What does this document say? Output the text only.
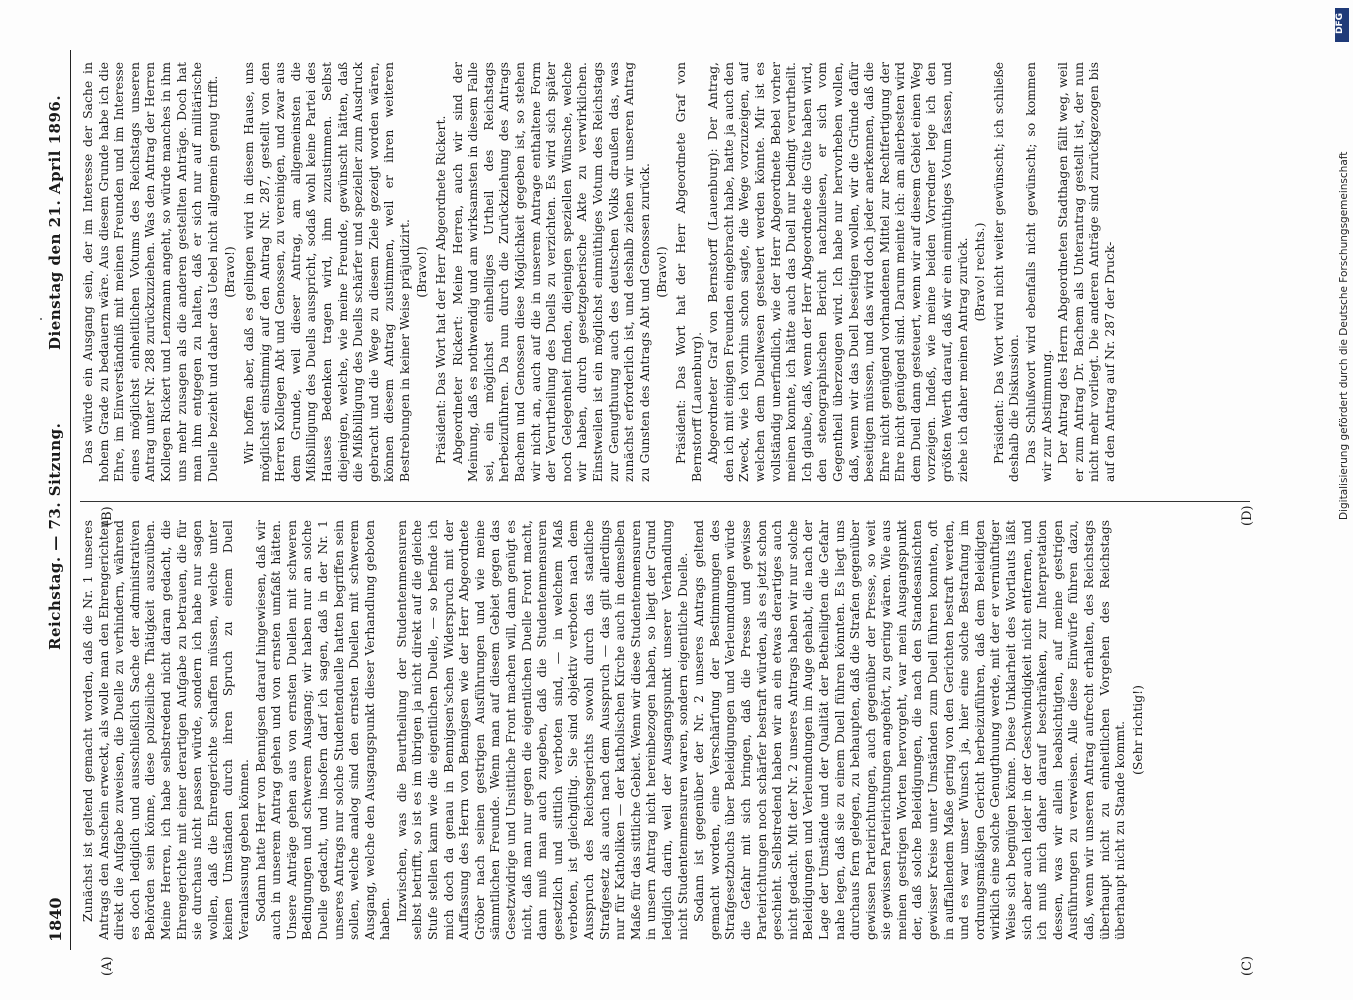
1840
Reichstag. — 73. Sitzung.
Dienstag den 21. April 1896.

Zunächst ist geltend gemacht worden, daß die Nr. 1 unseres Antrags den Anschein erweckt, als wolle man den Ehrengerichten direkt die Aufgabe zuweisen, die Duelle zu verhindern, während es doch lediglich und ausschließlich Sache der administrativen Behörden sein könne, diese polizeiliche Thätigkeit auszuüben. Meine Herren, ich habe selbstredend nicht daran gedacht, die Ehrengerichte mit einer derartigen Aufgabe zu betrauen, die für sie durchaus nicht passen würde, sondern ich habe nur sagen wollen, daß die Ehrengerichte schaffen müssen, welche unter keinen Umständen durch ihren Spruch zu einem Duell Veranlassung geben können. Sodann hatte Herr von Bennigsen darauf hingewiesen, daß wir auch in unserem Antrag gehen und von ernsten umfaßt hätten. Unsere Anträge gehen aus von ernsten Duellen mit schweren Bedingungen und schwerem Ausgang; wir haben nur an solche Duelle gedacht, und insofern darf ich sagen, daß in der Nr. 1 unseres Antrags nur solche Studentenduelle hatten begriffen sein sollen, welche analog sind den ernsten Duellen mit schwerem Ausgang, welche den Ausgangspunkt dieser Verhandlung geboten haben. Inzwischen, was die Beurtheilung der Studentenmensuren selbst betrifft, so ist es im übrigen ja nicht direkt auf die gleiche Stufe stellen kann wie die eigentlichen Duelle, — so befinde ich mich doch da genau in Bennigsen'schen Widerspruch mit der Auffassung des Herrn von Bennigsen wie der Herr Abgeordnete Gröber nach seinen gestrigen Ausführungen und wie meine sämmtlichen Freunde. Wenn man auf diesem Gebiet gegen das Gesetzwidrige und Unsittliche Front machen will, dann genügt es nicht, daß man nur gegen die eigentlichen Duelle Front macht, dann muß man auch zugeben, daß die Studentenmensuren gesetzlich und sittlich verboten sind, — in welchem Maß verboten, ist gleichgiltig. Sie sind objektiv verboten nach dem Ausspruch des Reichsgerichts sowohl durch das staatliche Strafgesetz als auch nach dem Ausspruch — das gilt allerdings nur für Katholiken — der katholischen Kirche auch in demselben Maße für das sittliche Gebiet. Wenn wir diese Studentenmensuren in unsern Antrag nicht hereinbezogen haben, so liegt der Grund lediglich darin, weil der Ausgangspunkt unserer Verhandlung nicht Studentenmensuren waren, sondern eigentliche Duelle. Sodann ist gegenüber der Nr. 2 unseres Antrags geltend gemacht worden, eine Verschärfung der Bestimmungen des Strafgesetzbuchs über Beleidigungen und Verleumdungen würde die Gefahr mit sich bringen, daß die Presse und gewisse Parteirichtungen noch schärfer bestraft würden, als es jetzt schon geschieht. Selbstredend haben wir an ein etwas derartiges auch nicht gedacht. Mit der Nr. 2 unseres Antrags haben wir nur solche Beleidigungen und Verleumdungen im Auge gehabt, die nach der Lage der Umstände und der Qualität der Betheiligten die Gefahr nahe legen, daß sie zu einem Duell führen könnten. Es liegt uns durchaus fern gelegen, zu behaupten, daß die Strafen gegenüber gewissen Parteirichtungen, auch gegenüber der Presse, so weit sie gewissen Parteirichtungen angehört, zu gering wären. Wie aus meinen gestrigen Worten hervorgeht, war mein Ausgangspunkt der, daß solche Beleidigungen, die nach den Standesansichten gewisser Kreise unter Umständen zum Duell führen konnten, oft in auffallendem Maße gering von den Gerichten bestraft werden, und es war unser Wunsch ja, hier eine solche Bestrafung im ordnungsmäßigen Gericht herbeizuführen, daß dem Beleidigten wirklich eine solche Genugthuung werde, mit der er vernünftiger Weise sich begnügen könne. Diese Unklarheit des Wortlauts läßt sich aber auch leider in der Geschwindigkeit nicht entfernen, und ich muß mich daher darauf beschränken, zur Interpretation dessen, was wir allein beabsichtigten, auf meine gestrigen Ausführungen zu verweisen. Alle diese Einwürfe führen dazu, daß, wenn wir unseren Antrag aufrecht erhalten, des Reichstags überhaupt nicht zu einheitlichen Vorgehen des Reichstags überhaupt nicht zu Stande kommt. (Sehr richtig!)

Das würde ein Ausgang sein, der im Interesse der Sache in hohem Grade zu bedauern wäre. Aus diesem Grunde habe ich die Ehre, im Einverständniß mit meinen Freunden und im Interesse eines möglichst einheitlichen Votums des Reichstags unseren Antrag unter Nr. 288 zurückzuziehen. Was den Antrag der Herren Kollegen Rickert und Lenzmann angeht, so würde manches in ihm uns mehr zusagen als die anderen gestellten Anträge. Doch hat man ihm entgegen zu halten, daß er sich nur auf militärische Duelle bezieht und daher das Uebel nicht allgemein genug trifft. (Bravo!) Wir hoffen aber, daß es gelingen wird in diesem Hause, uns möglichst einstimmig auf den Antrag Nr. 287, gestellt von den Herren Kollegen Abt und Genossen, zu vereinigen, und zwar aus dem Grunde, weil dieser Antrag, am allgemeinsten die Mißbilligung des Duells ausspricht, sodaß wohl keine Partei des Hauses Bedenken tragen wird, ihm zuzustimmen. Selbst diejenigen, welche, wie meine Freunde, gewünscht hätten, daß die Mißbilligung des Duells schärfer und spezieller zum Ausdruck gebracht und die Wege zu diesem Ziele gezeigt worden wären, können diesem Antrag zustimmen, weil er ihren weiteren Bestrebungen in keiner Weise präjudizirt. (Bravo!) Präsident: Das Wort hat der Herr Abgeordnete Rickert. Abgeordneter Rickert: Meine Herren, auch wir sind der Meinung, daß es nothwendig und am wirksamsten in diesem Falle sei, ein möglichst einhelliges Urtheil des Reichstags herbeizuführen. Da nun durch die Zurückziehung des Antrags Bachem und Genossen diese Möglichkeit gegeben ist, so stehen wir nicht an, auch auf die in unserem Antrage enthaltene Form der Verurtheilung des Duells zu verzichten. Es wird sich später noch Gelegenheit finden, diejenigen speziellen Wünsche, welche wir haben, durch gesetzgeberische Akte zu verwirklichen. Einstweilen ist ein möglichst einmüthiges Votum des Reichstags zur Genugthuung auch des deutschen Volks draußen das, was zunächst erforderlich ist, und deshalb ziehen wir unseren Antrag zu Gunsten des Antrags Abt und Genossen zurück. (Bravo!) Präsident: Das Wort hat der Herr Abgeordnete Graf von Bernstorff (Lauenburg). Abgeordneter Graf von Bernstorff (Lauenburg): Der Antrag, den ich mit einigen Freunden eingebracht habe, hatte ja auch den Zweck, wie ich vorhin schon sagte, die Wege vorzuzeigen, auf welchen dem Duellwesen gesteuert werden könnte. Mir ist es vollständig unerfindlich, wie der Herr Abgeordnete Bebel vorher meinen konnte, ich hätte auch das Duell nur bedingt verurtheilt. Ich glaube, daß, wenn der Herr Abgeordnete die Güte haben wird, den stenographischen Bericht nachzulesen, er sich vom Gegentheil überzeugen wird. Ich habe nur hervorheben wollen, daß, wenn wir das Duell beseitigen wollen, wir die Gründe dafür beseitigen müssen, und das wird doch jeder anerkennen, daß die Ehre nicht genügend vorhandenen Mittel zur Rechtfertigung der Ehre nicht genügend sind. Darum meinte ich: am allerbesten wird dem Duell dann gesteuert, wenn wir auf diesem Gebiet einen Weg vorzeigen. Indeß, wie meine beiden Vorredner lege ich den größten Werth darauf, daß wir ein einmüthiges Votum fassen, und ziehe ich daher meinen Antrag zurück. (Bravo! rechts.) Präsident: Das Wort wird nicht weiter gewünscht; ich schließe deshalb die Diskussion. Das Schlußwort wird ebenfalls nicht gewünscht; so kommen wir zur Abstimmung. Der Antrag des Herrn Abgeordneten Stadthagen fällt weg, weil er zum Antrag Dr. Bachem als Unterantrag gestellt ist, der nun nicht mehr vorliegt. Die anderen Anträge sind zurückgezogen bis auf den Antrag auf Nr. 287 der Druck-

(A)
(B)
(C)
(D)
DFG
Digitalisierung gefördert durch die Deutsche Forschungsgemeinschaft
